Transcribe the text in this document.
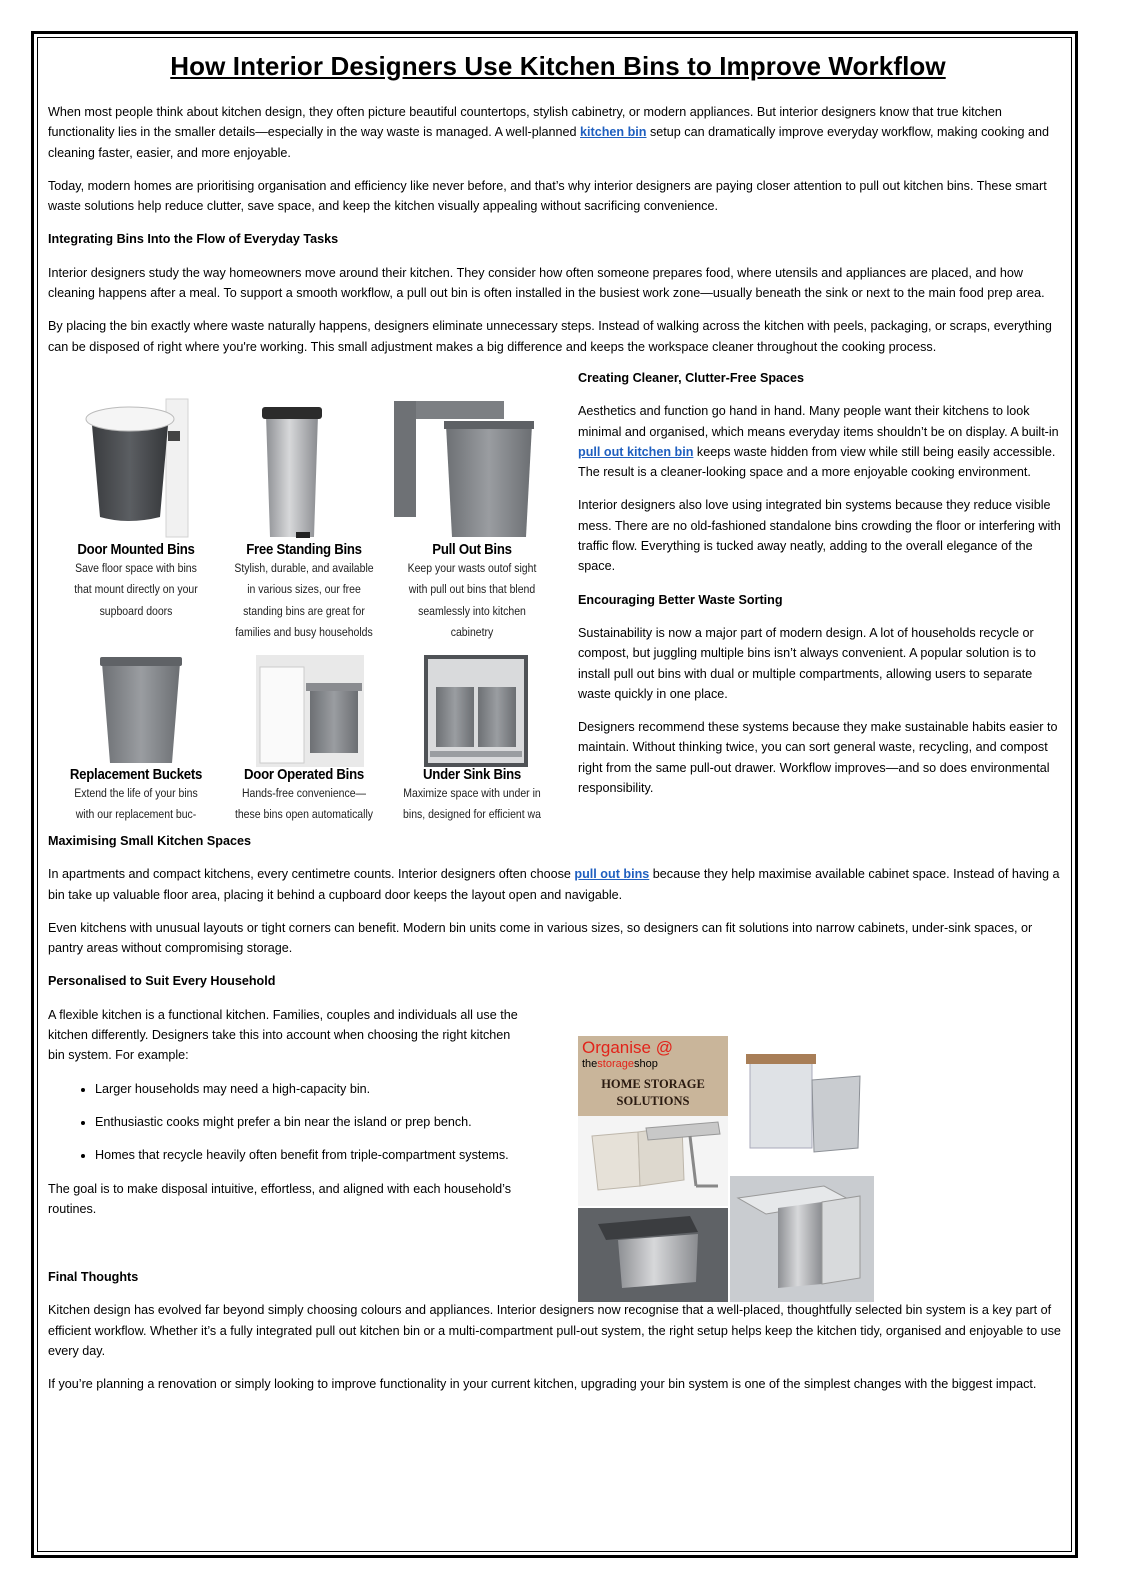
How Interior Designers Use Kitchen Bins to Improve Workflow

When most people think about kitchen design, they often picture beautiful countertops, stylish cabinetry, or modern appliances. But interior designers know that true kitchen functionality lies in the smaller details—especially in the way waste is managed. A well-planned kitchen bin setup can dramatically improve everyday workflow, making cooking and cleaning faster, easier, and more enjoyable.

Today, modern homes are prioritising organisation and efficiency like never before, and that’s why interior designers are paying closer attention to pull out kitchen bins. These smart waste solutions help reduce clutter, save space, and keep the kitchen visually appealing without sacrificing convenience.

Integrating Bins Into the Flow of Everyday Tasks

Interior designers study the way homeowners move around their kitchen. They consider how often someone prepares food, where utensils and appliances are placed, and how cleaning happens after a meal. To support a smooth workflow, a pull out bin is often installed in the busiest work zone—usually beneath the sink or next to the main food prep area.

By placing the bin exactly where waste naturally happens, designers eliminate unnecessary steps. Instead of walking across the kitchen with peels, packaging, or scraps, everything can be disposed of right where you're working. This small adjustment makes a big difference and keeps the workspace cleaner throughout the cooking process.

Door Mounted Bins
Save floor space with bins
that mount directly on your
supboard doors
Free Standing Bins
Stylish, durable, and available
in various sizes, our free
standing bins are great for
families and busy households
Pull Out Bins
Keep your wasts outof sight
with pull out bins that blend
seamlessly into kitchen
cabinetry
Replacement Buckets
Extend the life of your bins
with our replacement buc-
Door Operated Bins
Hands-free convenience—
these bins open automatically
Under Sink Bins
Maximize space with under in
bins, designed for efficient wa

Creating Cleaner, Clutter-Free Spaces

Aesthetics and function go hand in hand. Many people want their kitchens to look minimal and organised, which means everyday items shouldn’t be on display. A built-in pull out kitchen bin keeps waste hidden from view while still being easily accessible. The result is a cleaner-looking space and a more enjoyable cooking environment.

Interior designers also love using integrated bin systems because they reduce visible mess. There are no old-fashioned standalone bins crowding the floor or interfering with traffic flow. Everything is tucked away neatly, adding to the overall elegance of the space.

Encouraging Better Waste Sorting

Sustainability is now a major part of modern design. A lot of households recycle or compost, but juggling multiple bins isn’t always convenient. A popular solution is to install pull out bins with dual or multiple compartments, allowing users to separate waste quickly in one place.

Designers recommend these systems because they make sustainable habits easier to maintain. Without thinking twice, you can sort general waste, recycling, and compost right from the same pull-out drawer. Workflow improves—and so does environmental responsibility.

Maximising Small Kitchen Spaces

In apartments and compact kitchens, every centimetre counts. Interior designers often choose pull out bins because they help maximise available cabinet space. Instead of having a bin take up valuable floor area, placing it behind a cupboard door keeps the layout open and navigable.

Even kitchens with unusual layouts or tight corners can benefit. Modern bin units come in various sizes, so designers can fit solutions into narrow cabinets, under-sink spaces, or pantry areas without compromising storage.

Personalised to Suit Every Household

A flexible kitchen is a functional kitchen. Families, couples and individuals all use the kitchen differently. Designers take this into account when choosing the right kitchen bin system. For example:

• Larger households may need a high-capacity bin.
• Enthusiastic cooks might prefer a bin near the island or prep bench.
• Homes that recycle heavily often benefit from triple-compartment systems.

The goal is to make disposal intuitive, effortless, and aligned with each household’s routines.

Organise @
thestorageshop
HOME STORAGE
SOLUTIONS

Final Thoughts

Kitchen design has evolved far beyond simply choosing colours and appliances. Interior designers now recognise that a well-placed, thoughtfully selected bin system is a key part of efficient workflow. Whether it’s a fully integrated pull out kitchen bin or a multi-compartment pull-out system, the right setup helps keep the kitchen tidy, organised and enjoyable to use every day.

If you’re planning a renovation or simply looking to improve functionality in your current kitchen, upgrading your bin system is one of the simplest changes with the biggest impact.
